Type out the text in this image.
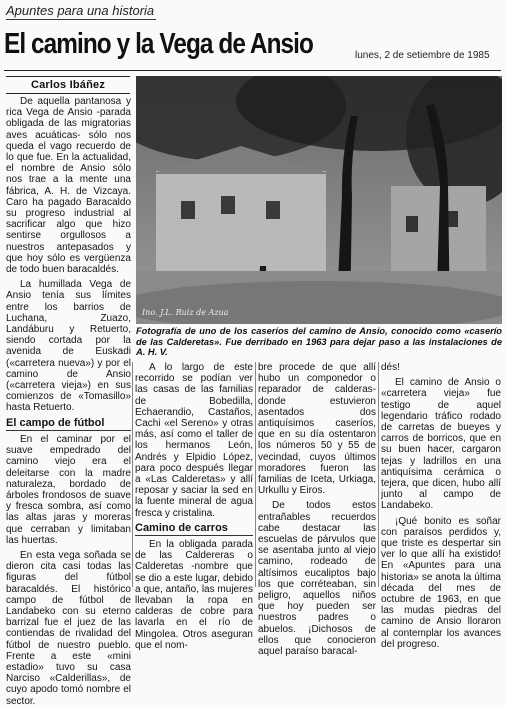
Apuntes para una historia
El camino y la Vega de Ansio	lunes, 2 de setiembre de 1985
Carlos Ibáñez

De aquella pantanosa y rica Vega de Ansio -parada obligada de las migratorias aves acuáticas- sólo nos queda el vago recuerdo de lo que fue. En la actualidad, el nombre de Ansio sólo nos trae a la mente una fábrica, A. H. de Vizcaya. Caro ha pagado Baracaldo su progreso industrial al sacrificar algo que hizo sentirse orgullosos a nuestros antepasados y que hoy sólo es vergüenza de todo buen baracaldés.

La humillada Vega de Ansio tenía sus límites entre los barrios de Luchana, Zuazo, Landáburu y Retuerto, siendo cortada por la avenida de Euskadi («carretera nueva») y por el camino de Ansio («carretera vieja») en sus comienzos de «Tomasillo» hasta Retuerto.

El campo de fútbol

En el caminar por el suave empedrado del camino viejo era el deleitarse con la madre naturaleza, bordado de árboles frondosos de suave y fresca sombra, así como las altas jaras y moreras que cerraban y limitaban las huertas.

En esta vega soñada se dieron cita casi todas las figuras del fútbol baracaldés. El histórico campo de fútbol de Landabeko con su eterno barrizal fue el juez de las contiendas de rivalidad del fútbol de nuestro pueblo. Frente a este «mini estadio» tuvo su casa Narciso «Calderillas», de cuyo apodo tomó nombre el sector.

Ino. J.L. Ruiz de Azua
Fotografía de uno de los caseríos del camino de Ansio, conocido como «caserío de las Calderetas». Fue derribado en 1963 para dejar paso a las instalaciones de A. H. V.

A lo largo de este recorrido se podían ver las casas de las familias de Bobedilla, Echaerandio, Castaños, Cachi «el Sereno» y otras más, así como el taller de los hermanos León, Andrés y Elpidio López, para poco después llegar a «Las Calderetas» y allí reposar y saciar la sed en la fuente mineral de agua fresca y cristalina.

Camino de carros

En la obligada parada de las Caldereras o Calderetas -nombre que se dio a este lugar, debido a que, antaño, las mujeres llevaban la ropa en calderas de cobre para lavarla en el río de Mingolea. Otros aseguran que el nom-

bre procede de que allí hubo un componedor o reparador de calderas- donde estuvieron asentados dos antiquísimos caseríos, que en su día ostentaron los números 50 y 55 de vecindad, cuyos últimos moradores fueron las familias de Iceta, Urkiaga, Urkullu y Eiros.

De todos estos entrañables recuerdos cabe destacar las escuelas de párvulos que se asentaba junto al viejo camino, rodeado de altísimos eucaliptos bajo los que corréteaban, sin peligro, aquellos niños que hoy pueden ser nuestros padres o abuelos. ¡Dichosos de ellos que conocieron aquel paraíso baracal-

dés!

El camino de Ansio o «carretera vieja» fue testigo de aquel legendario tráfico rodado de carretas de bueyes y carros de borricos, que en su buen hacer, cargaron tejas y ladrillos en una antiquísima cerámica o tejera, que dicen, hubo allí junto al campo de Landabeko.

¡Qué bonito es soñar con paraísos perdidos y, que triste es despertar sin ver lo que allí ha existido! En «Apuntes para una historia» se anota la última década del mes de octubre de 1963, en que las mudas piedras del camino de Ansio lloraron al contemplar los avances del progreso.
